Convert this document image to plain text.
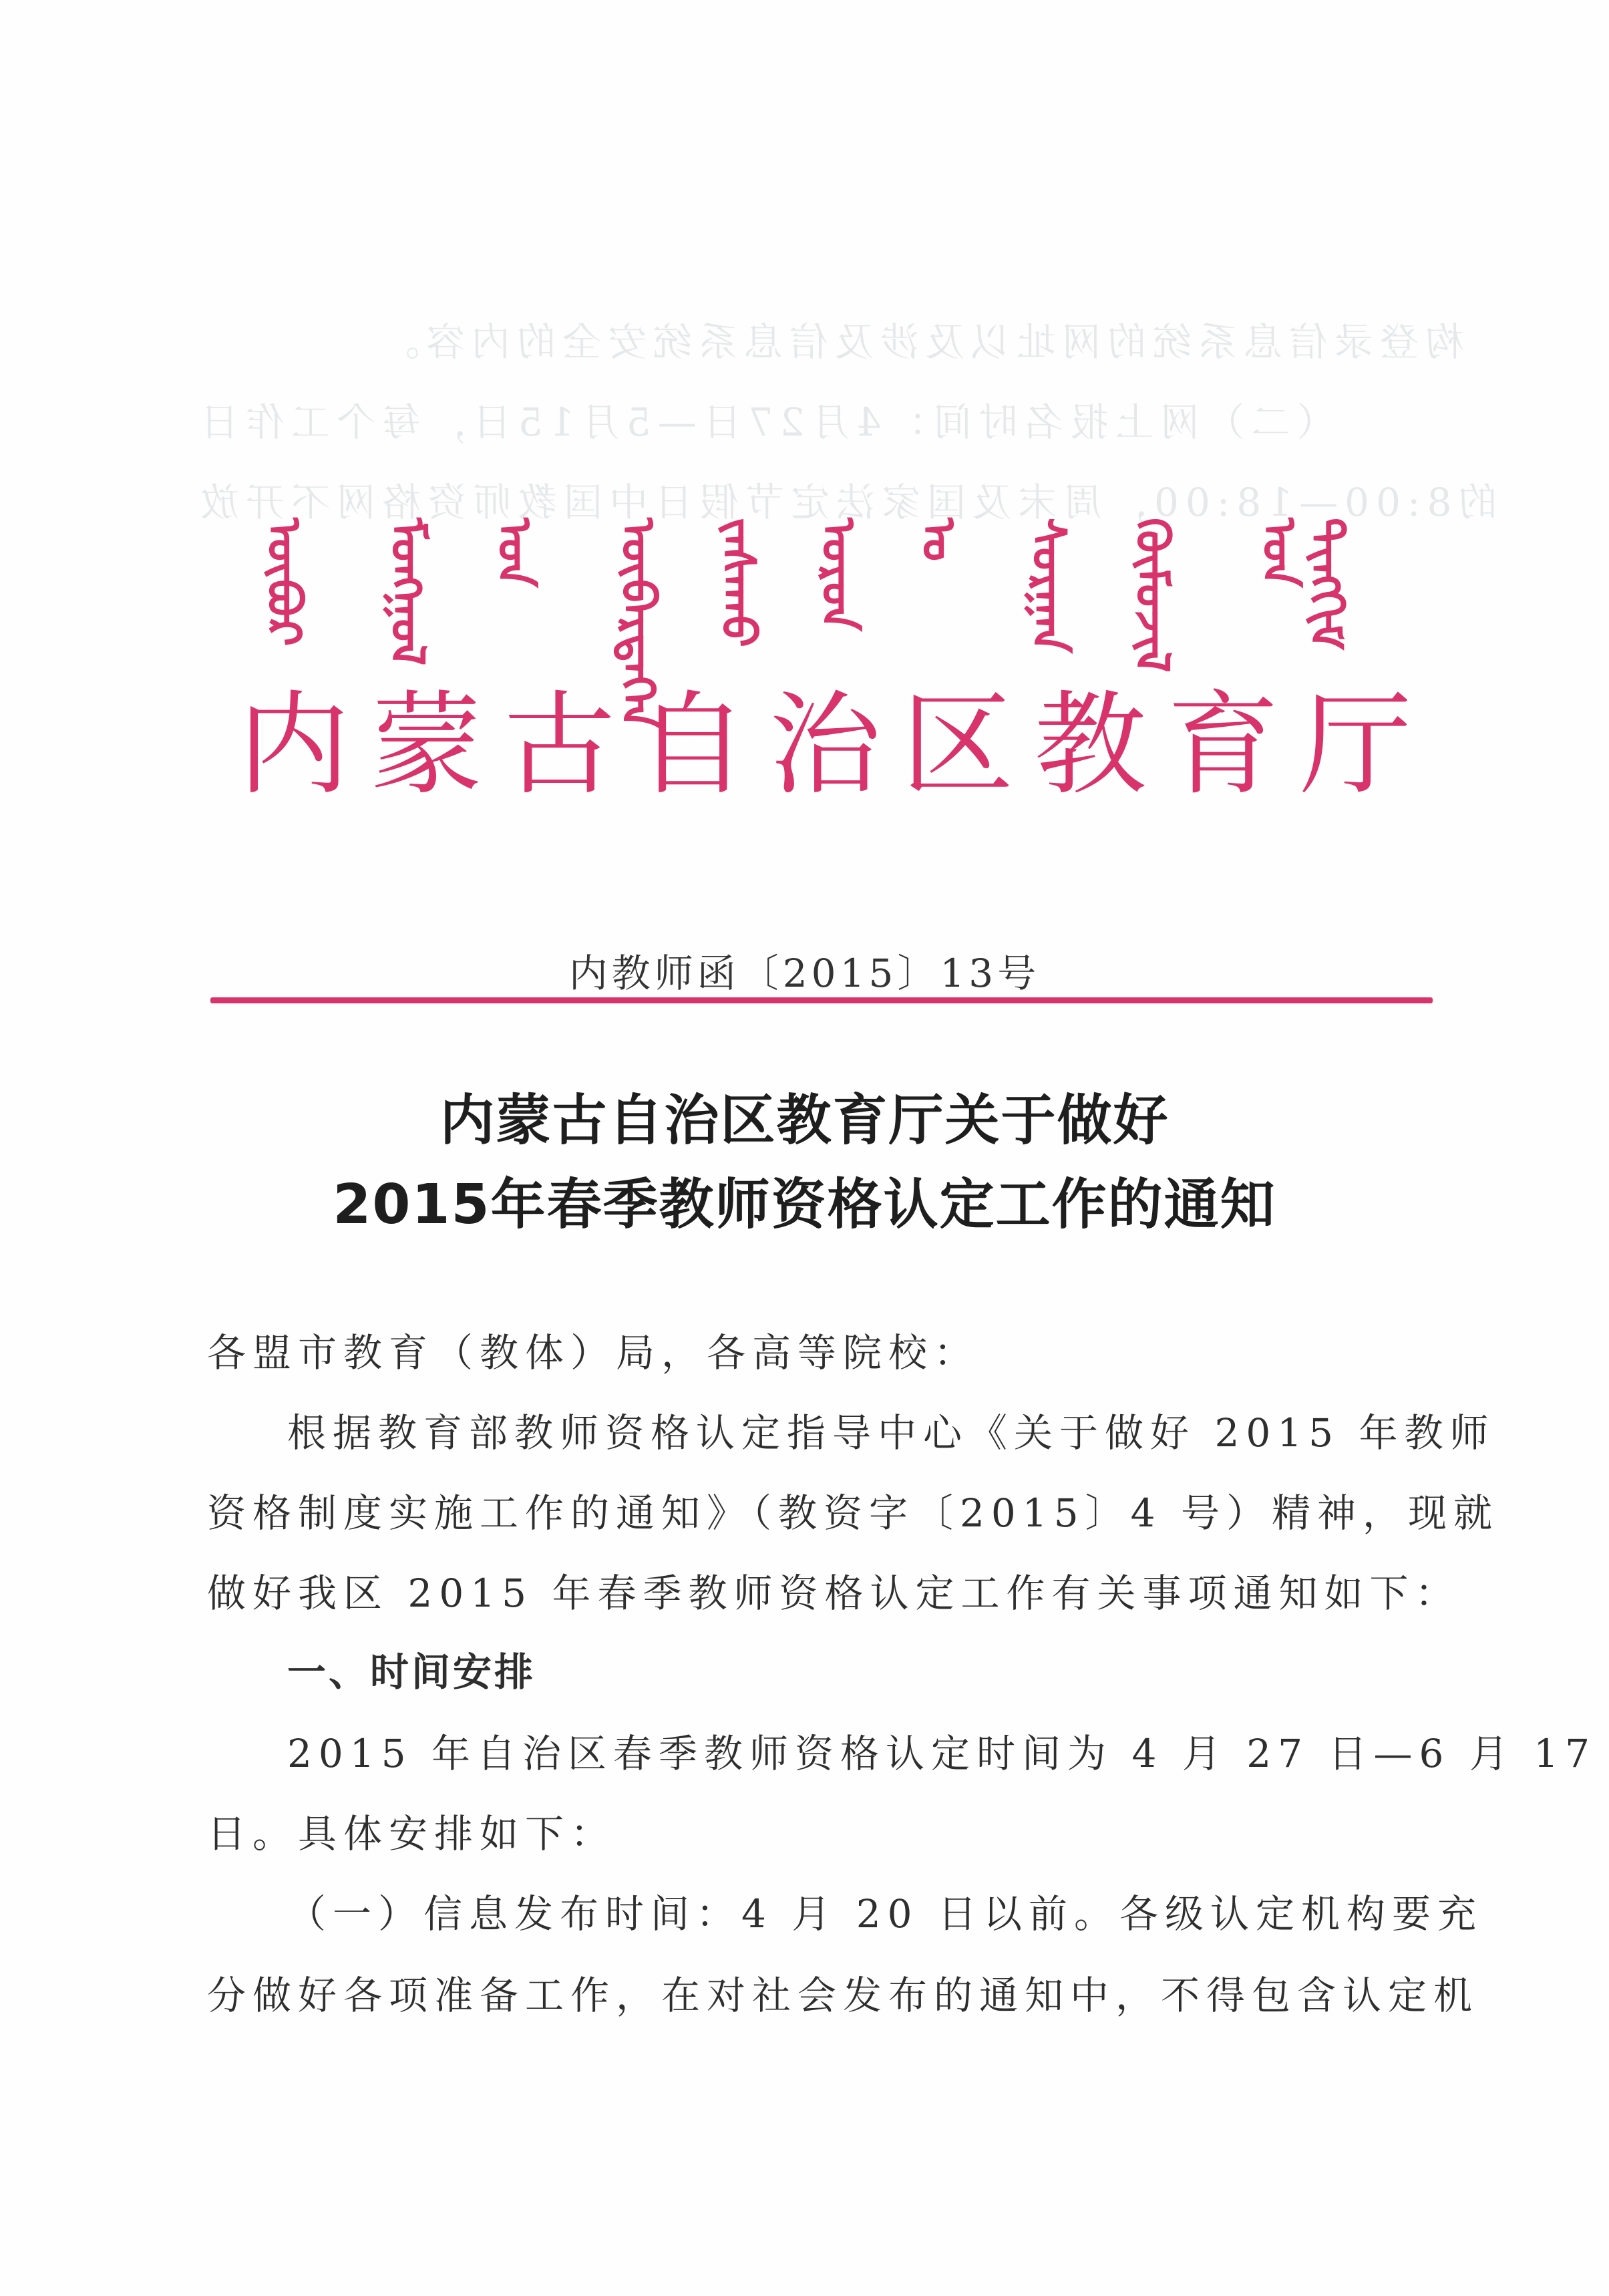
构登录信息系统的网址以及涉及信息系统安全的内容。
（二）网上报名时间：4月27日—5月15日，每个工作日
的8:00—18:00，周末及国家法定节假日中国教师资格网不开放
ᠥᠪᠦᠷ ᠮᠣᠩᠭᠣᠯ ᠤᠨ ᠥᠪᠡᠷᠲᠡᠭᠡᠨ ᠵᠠᠰᠠᠬᠤ ᠣᠷᠣᠨ ᠤ ᠰᠤᠷᠭᠠᠨ ᠬᠦᠮᠦᠵᠢᠯ ᠤᠨ ᠲᠢᠩᠬᠢᠮ
内 蒙 古 自 治 区 教 育 厅
内教师函〔2015〕13号
内蒙古自治区教育厅关于做好
2015年春季教师资格认定工作的通知
各盟市教育（教体）局，各高等院校：
根据教育部教师资格认定指导中心《关于做好 2015 年教师
资格制度实施工作的通知》（教资字〔2015〕4 号）精神，现就
做好我区 2015 年春季教师资格认定工作有关事项通知如下：
一、时间安排
2015 年自治区春季教师资格认定时间为 4 月 27 日—6 月 17
日。具体安排如下：
（一）信息发布时间：4 月 20 日以前。各级认定机构要充
分做好各项准备工作，在对社会发布的通知中，不得包含认定机
